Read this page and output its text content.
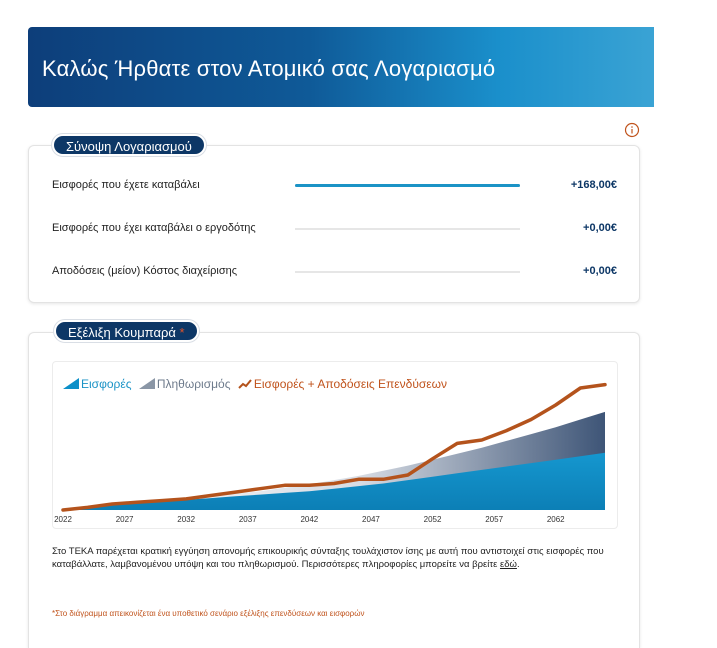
Καλώς Ήρθατε στον Ατομικό σας Λογαριασμό
Σύνοψη Λογαριασμού
Εισφορές που έχετε καταβάλει	+168,00€
Εισφορές που έχει καταβάλει ο εργοδότης	+0,00€
Αποδόσεις (μείον) Κόστος διαχείρισης	+0,00€
Εξέλιξη Κουμπαρά *
2022	2027	2032	2037	2042	2047	2052	2057	2062
Εισφορές Πληθωρισμός Εισφορές + Αποδόσεις Επενδύσεων

Στο ΤΕΚΑ παρέχεται κρατική εγγύηση απονομής επικουρικής σύνταξης τουλάχιστον ίσης με αυτή που αντιστοιχεί στις εισφορές που καταβάλλατε, λαμβανομένου υπόψη και του πληθωρισμού. Περισσότερες πληροφορίες μπορείτε να βρείτε εδώ.

*Στο διάγραμμα απεικονίζεται ένα υποθετικό σενάριο εξέλιξης επενδύσεων και εισφορών
